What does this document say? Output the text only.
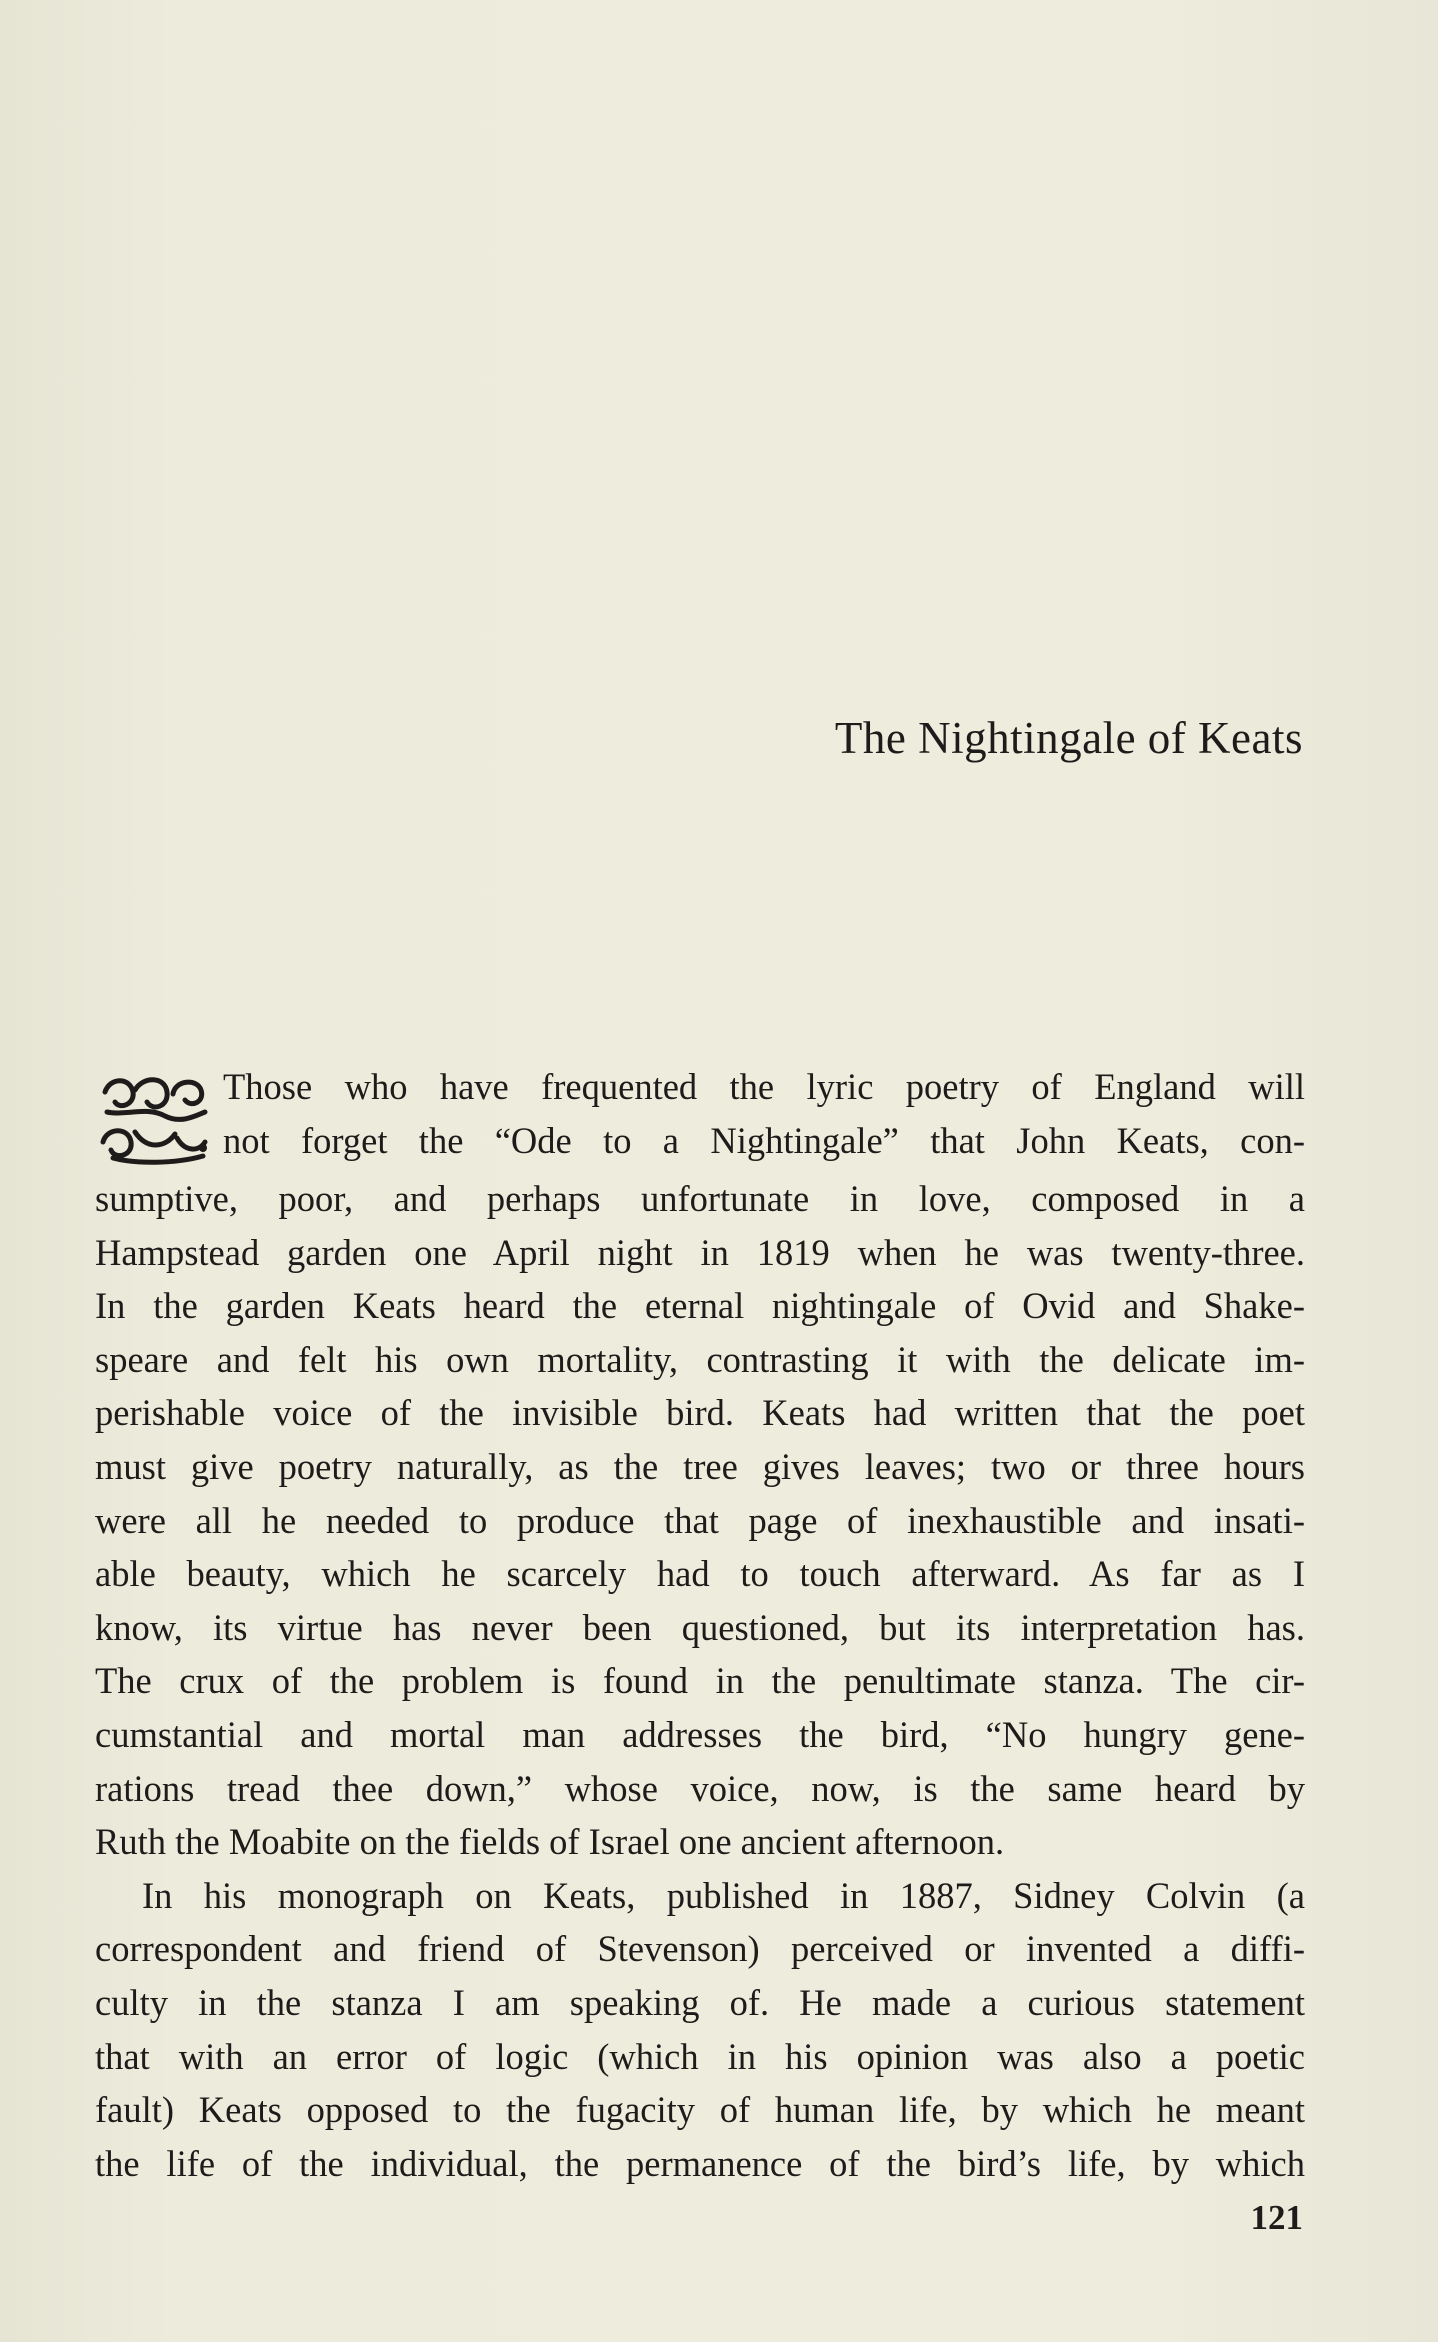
The Nightingale of Keats
Those who have frequented the lyric poetry of England will
not forget the “Ode to a Nightingale” that John Keats, con-
sumptive, poor, and perhaps unfortunate in love, composed in a
Hampstead garden one April night in 1819 when he was twenty-three.
In the garden Keats heard the eternal nightingale of Ovid and Shake-
speare and felt his own mortality, contrasting it with the delicate im-
perishable voice of the invisible bird. Keats had written that the poet
must give poetry naturally, as the tree gives leaves; two or three hours
were all he needed to produce that page of inexhaustible and insati-
able beauty, which he scarcely had to touch afterward. As far as I
know, its virtue has never been questioned, but its interpretation has.
The crux of the problem is found in the penultimate stanza. The cir-
cumstantial and mortal man addresses the bird, “No hungry gene-
rations tread thee down,” whose voice, now, is the same heard by
Ruth the Moabite on the fields of Israel one ancient afternoon.
In his monograph on Keats, published in 1887, Sidney Colvin (a
correspondent and friend of Stevenson) perceived or invented a diffi-
culty in the stanza I am speaking of. He made a curious statement
that with an error of logic (which in his opinion was also a poetic
fault) Keats opposed to the fugacity of human life, by which he meant
the life of the individual, the permanence of the bird’s life, by which

121
